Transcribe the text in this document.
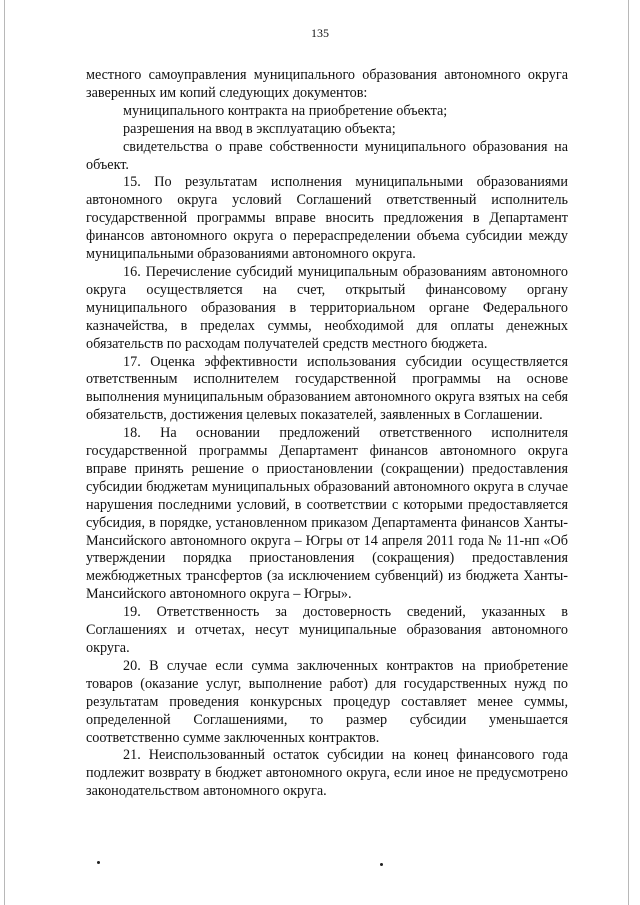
135

местного самоуправления муниципального образования автономного округа заверенных им копий следующих документов:

муниципального контракта на приобретение объекта;

разрешения на ввод в эксплуатацию объекта;

свидетельства о праве собственности муниципального образования на объект.

15. По результатам исполнения муниципальными образованиями автономного округа условий Соглашений ответственный исполнитель государственной программы вправе вносить предложения в Департамент финансов автономного округа о перераспределении объема субсидии между муниципальными образованиями автономного округа.

16. Перечисление субсидий муниципальным образованиям автономного округа осуществляется на счет, открытый финансовому органу муниципального образования в территориальном органе Федерального казначейства, в пределах суммы, необходимой для оплаты денежных обязательств по расходам получателей средств местного бюджета.

17. Оценка эффективности использования субсидии осуществляется ответственным исполнителем государственной программы на основе выполнения муниципальным образованием автономного округа взятых на себя обязательств, достижения целевых показателей, заявленных в Соглашении.

18. На основании предложений ответственного исполнителя государственной программы Департамент финансов автономного округа вправе принять решение о приостановлении (сокращении) предоставления субсидии бюджетам муниципальных образований автономного округа в случае нарушения последними условий, в соответствии с которыми предоставляется субсидия, в порядке, установленном приказом Департамента финансов Ханты-Мансийского автономного округа – Югры от 14 апреля 2011 года № 11-нп «Об утверждении порядка приостановления (сокращения) предоставления межбюджетных трансфертов (за исключением субвенций) из бюджета Ханты-Мансийского автономного округа – Югры».

19. Ответственность за достоверность сведений, указанных в Соглашениях и отчетах, несут муниципальные образования автономного округа.

20. В случае если сумма заключенных контрактов на приобретение товаров (оказание услуг, выполнение работ) для государственных нужд по результатам проведения конкурсных процедур составляет менее суммы, определенной Соглашениями, то размер субсидии уменьшается соответственно сумме заключенных контрактов.

21. Неиспользованный остаток субсидии на конец финансового года подлежит возврату в бюджет автономного округа, если иное не предусмотрено законодательством автономного округа.
